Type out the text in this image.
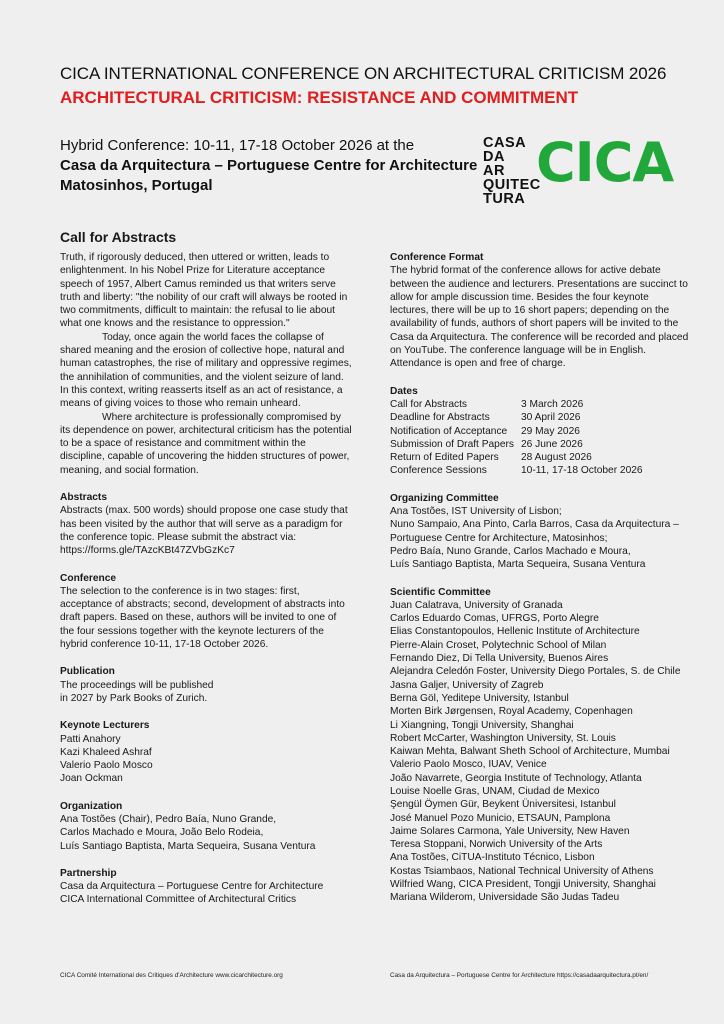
CICA INTERNATIONAL CONFERENCE ON ARCHITECTURAL CRITICISM 2026
ARCHITECTURAL CRITICISM: RESISTANCE AND COMMITMENT
Hybrid Conference: 10-11, 17-18 October 2026 at the
Casa da Arquitectura – Portuguese Centre for Architecture
Matosinhos, Portugal
CASA
DA AR
QUITEC
TURA
CICA
Call for Abstracts

Truth, if rigorously deduced, then uttered or written, leads to enlightenment. In his Nobel Prize for Literature acceptance speech of 1957, Albert Camus reminded us that writers serve truth and liberty: "the nobility of our craft will always be rooted in two commitments, difficult to maintain: the refusal to lie about what one knows and the resistance to oppression."

Today, once again the world faces the collapse of shared meaning and the erosion of collective hope, natural and human catastrophes, the rise of military and oppressive regimes, the annihilation of communities, and the violent seizure of land. In this context, writing reasserts itself as an act of resistance, a means of giving voices to those who remain unheard.

Where architecture is professionally compromised by its dependence on power, architectural criticism has the potential to be a space of resistance and commitment within the discipline, capable of uncovering the hidden structures of power, meaning, and social formation.

Abstracts

Abstracts (max. 500 words) should propose one case study that has been visited by the author that will serve as a paradigm for the conference topic. Please submit the abstract via:

https://forms.gle/TAzcKBt47ZVbGzKc7

Conference

The selection to the conference is in two stages: first, acceptance of abstracts; second, development of abstracts into draft papers. Based on these, authors will be invited to one of the four sessions together with the keynote lecturers of the hybrid conference 10-11, 17-18 October 2026.

Publication

The proceedings will be published

in 2027 by Park Books of Zurich.

Keynote Lecturers

Patti Anahory

Kazi Khaleed Ashraf

Valerio Paolo Mosco

Joan Ockman

Organization

Ana Tostões (Chair), Pedro Baía, Nuno Grande,

Carlos Machado e Moura, João Belo Rodeia,

Luís Santiago Baptista, Marta Sequeira, Susana Ventura

Partnership

Casa da Arquitectura – Portuguese Centre for Architecture

CICA International Committee of Architectural Critics

Conference Format

The hybrid format of the conference allows for active debate between the audience and lecturers. Presentations are succinct to allow for ample discussion time. Besides the four keynote lectures, there will be up to 16 short papers; depending on the availability of funds, authors of short papers will be invited to the Casa da Arquitectura. The conference will be recorded and placed on YouTube. The conference language will be in English. Attendance is open and free of charge.

Dates
Call for Abstracts	3 March 2026
Deadline for Abstracts	30 April 2026
Notification of Acceptance	29 May 2026
Submission of Draft Papers 26 June 2026
Return of Edited Papers	28 August 2026
Conference Sessions	10-11, 17-18 October 2026
Organizing Committee

Ana Tostões, IST University of Lisbon;

Nuno Sampaio, Ana Pinto, Carla Barros, Casa da Arquitectura –

Portuguese Centre for Architecture, Matosinhos;

Pedro Baía, Nuno Grande, Carlos Machado e Moura,

Luís Santiago Baptista, Marta Sequeira, Susana Ventura

Scientific Committee

Juan Calatrava, University of Granada

Carlos Eduardo Comas, UFRGS, Porto Alegre

Elias Constantopoulos, Hellenic Institute of Architecture

Pierre-Alain Croset, Polytechnic School of Milan

Fernando Diez, Di Tella University, Buenos Aires

Alejandra Celedón Foster, University Diego Portales, S. de Chile

Jasna Galjer, University of Zagreb

Berna Göl, Yeditepe University, Istanbul

Morten Birk Jørgensen, Royal Academy, Copenhagen

Li Xiangning, Tongji University, Shanghai

Robert McCarter, Washington University, St. Louis

Kaiwan Mehta, Balwant Sheth School of Architecture, Mumbai

Valerio Paolo Mosco, IUAV, Venice

João Navarrete, Georgia Institute of Technology, Atlanta

Louise Noelle Gras, UNAM, Ciudad de Mexico

Şengül Öymen Gür, Beykent Üniversitesi, Istanbul

José Manuel Pozo Municio, ETSAUN, Pamplona

Jaime Solares Carmona, Yale University, New Haven

Teresa Stoppani, Norwich University of the Arts

Ana Tostões, CiTUA-Instituto Técnico, Lisbon

Kostas Tsiambaos, National Technical University of Athens

Wilfried Wang, CICA President, Tongji University, Shanghai

Mariana Wilderom, Universidade São Judas Tadeu

CICA Comité International des Critiques d'Architecture www.cicarchitecture.org	Casa da Arquitectura – Portuguese Centre for Architecture https://casadaarquitectura.pt/en/
